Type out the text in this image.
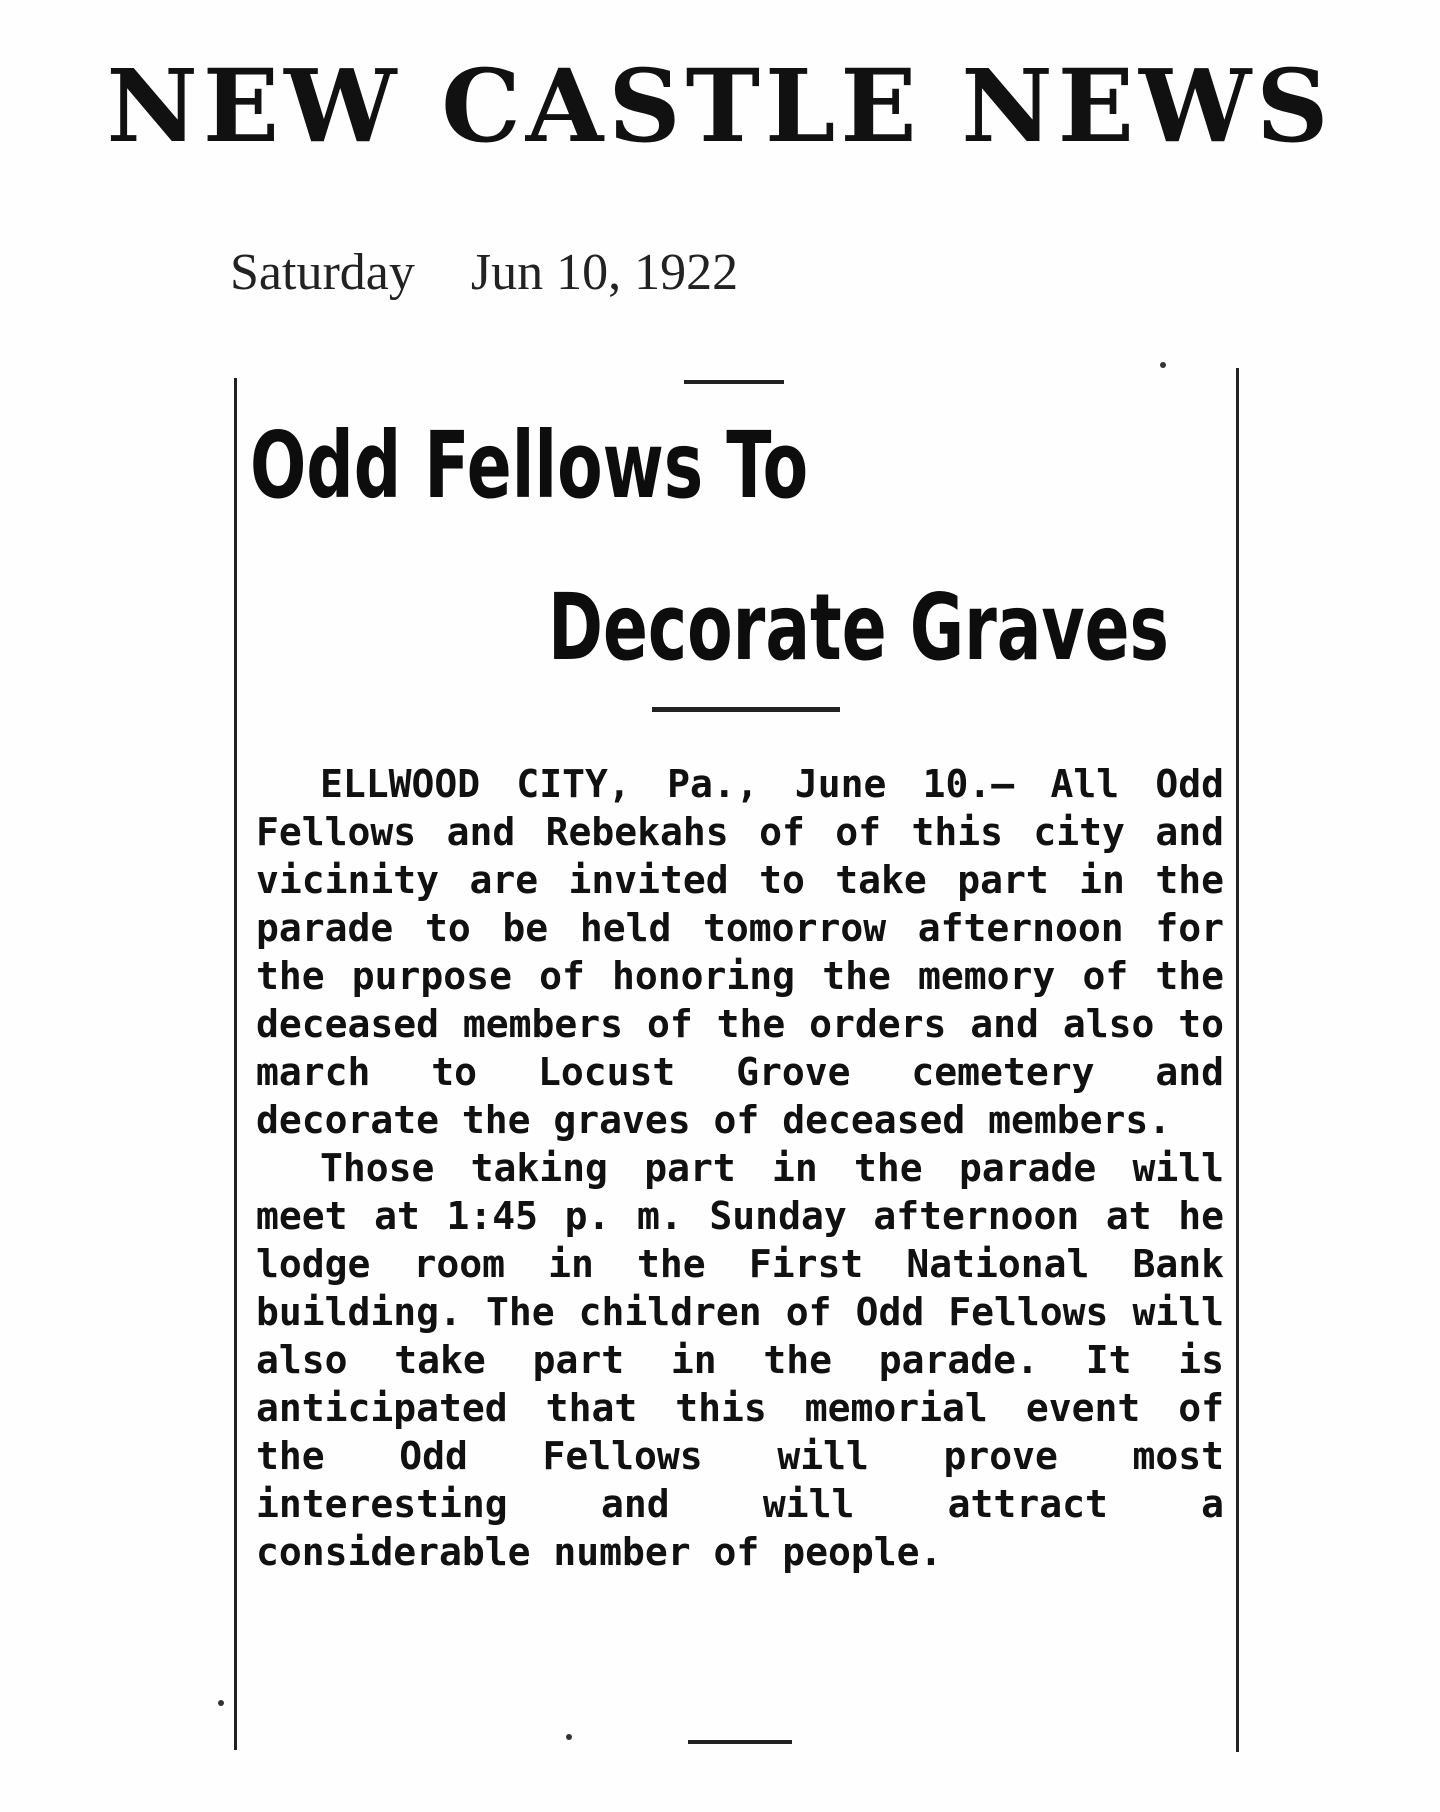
NEW CASTLE NEWS
Saturday Jun 10, 1922
Odd Fellows To
Decorate Graves

ELLWOOD CITY, Pa., June 10.— All Odd Fellows and Rebekahs of of this city and vicinity are invited to take part in the parade to be held tomorrow afternoon for the purpose of honoring the memory of the deceased members of the orders and also to march to Locust Grove cemetery and decorate the graves of deceased members.

Those taking part in the parade will meet at 1:45 p. m. Sunday afternoon at he lodge room in the First National Bank building. The children of Odd Fellows will also take part in the parade. It is anticipated that this memorial event of the Odd Fellows will prove most interesting and will attract a considerable number of people.
